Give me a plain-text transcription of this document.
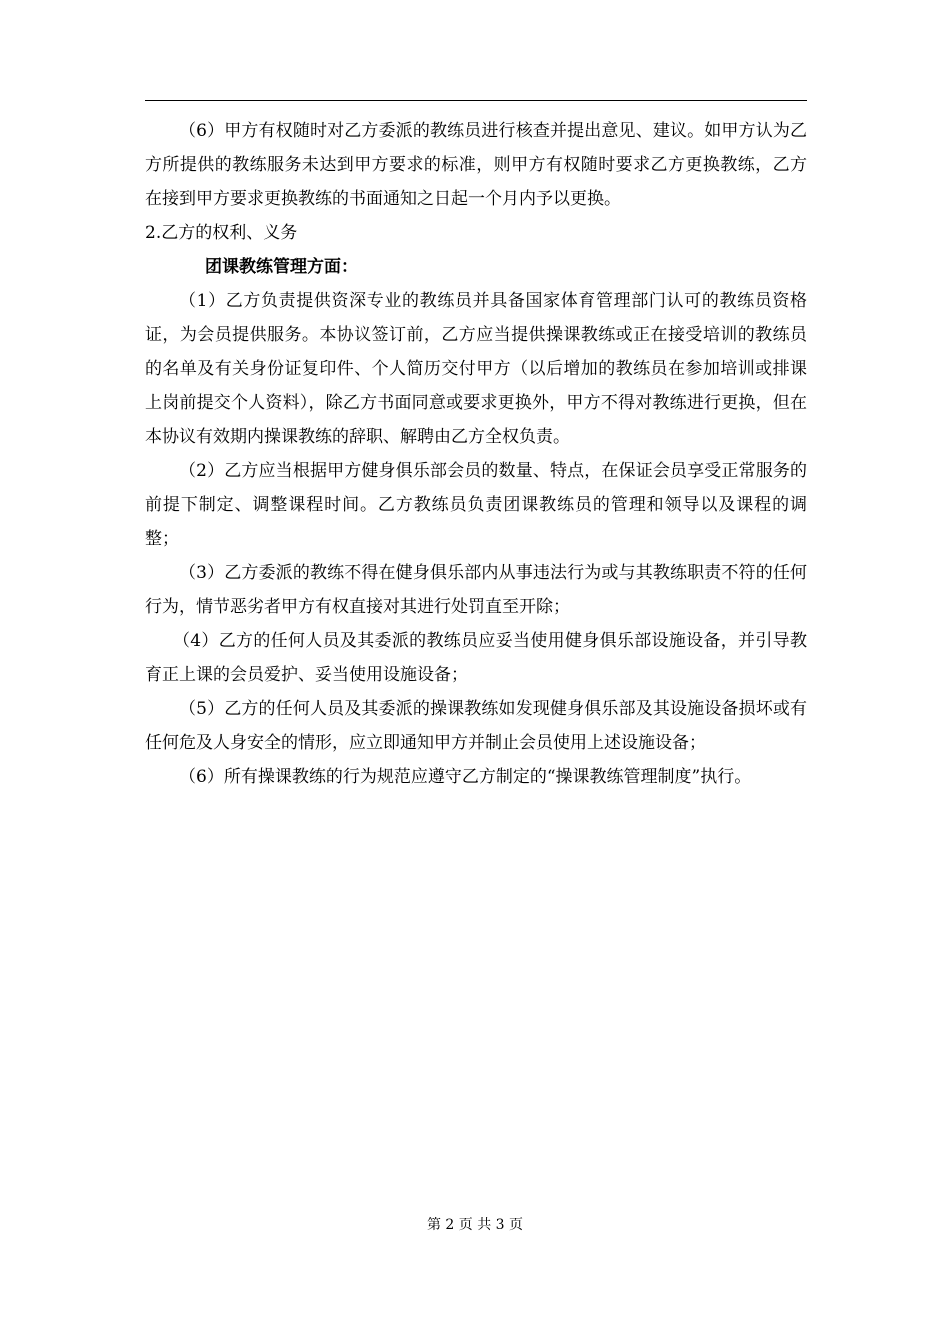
（6）甲方有权随时对乙方委派的教练员进行核查并提出意见、建议。如甲方认为乙方所提供的教练服务未达到甲方要求的标准，则甲方有权随时要求乙方更换教练，乙方在接到甲方要求更换教练的书面通知之日起一个月内予以更换。

2.乙方的权利、义务

团课教练管理方面：

（1）乙方负责提供资深专业的教练员并具备国家体育管理部门认可的教练员资格证，为会员提供服务。本协议签订前，乙方应当提供操课教练或正在接受培训的教练员的名单及有关身份证复印件、个人简历交付甲方（以后增加的教练员在参加培训或排课上岗前提交个人资料），除乙方书面同意或要求更换外，甲方不得对教练进行更换，但在本协议有效期内操课教练的辞职、解聘由乙方全权负责。

（2）乙方应当根据甲方健身俱乐部会员的数量、特点，在保证会员享受正常服务的前提下制定、调整课程时间。乙方教练员负责团课教练员的管理和领导以及课程的调整；

（3）乙方委派的教练不得在健身俱乐部内从事违法行为或与其教练职责不符的任何行为，情节恶劣者甲方有权直接对其进行处罚直至开除；

（4）乙方的任何人员及其委派的教练员应妥当使用健身俱乐部设施设备，并引导教育正上课的会员爱护、妥当使用设施设备；

（5）乙方的任何人员及其委派的操课教练如发现健身俱乐部及其设施设备损坏或有任何危及人身安全的情形，应立即通知甲方并制止会员使用上述设施设备；

（6）所有操课教练的行为规范应遵守乙方制定的“操课教练管理制度”执行。

第 2 页 共 3 页
